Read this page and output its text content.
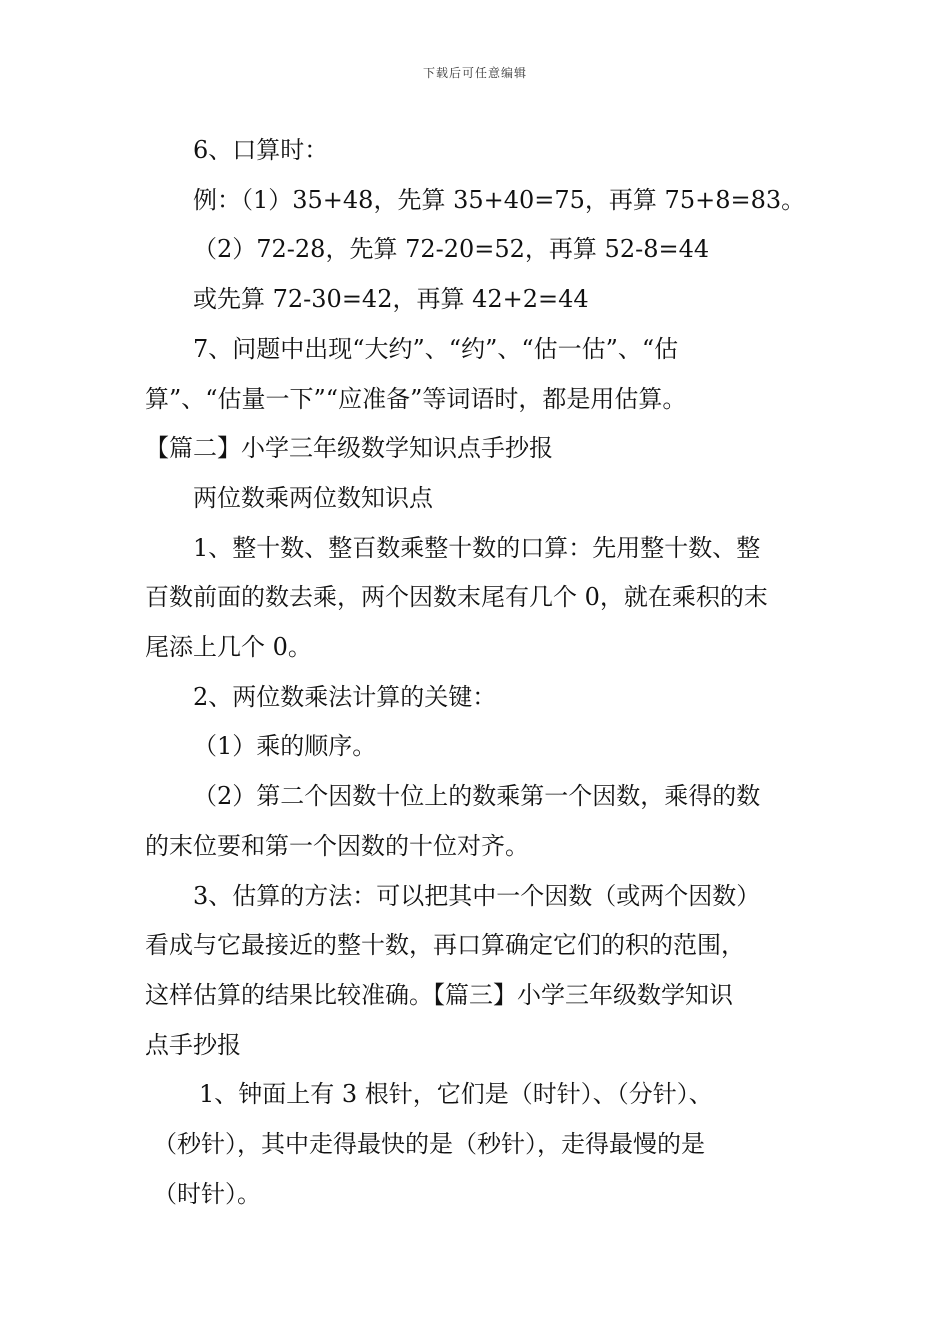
下载后可任意编辑
6、口算时：
例：（1）35+48，先算 35+40=75，再算 75+8=83。
（2）72-28，先算 72-20=52，再算 52-8=44
或先算 72-30=42，再算 42+2=44
7、问题中出现“大约”、“约”、“估一估”、“估
算”、“估量一下”“应准备”等词语时，都是用估算。
【篇二】小学三年级数学知识点手抄报
两位数乘两位数知识点
1、整十数、整百数乘整十数的口算：先用整十数、整
百数前面的数去乘，两个因数末尾有几个 0，就在乘积的末
尾添上几个 0。
2、两位数乘法计算的关键：
（1）乘的顺序。
（2）第二个因数十位上的数乘第一个因数，乘得的数
的末位要和第一个因数的十位对齐。
3、估算的方法：可以把其中一个因数（或两个因数）
看成与它最接近的整十数，再口算确定它们的积的范围，
这样估算的结果比较准确。【篇三】小学三年级数学知识
点手抄报
1、钟面上有 3 根针，它们是（时针）、（分针）、
（秒针），其中走得最快的是（秒针），走得最慢的是
（时针）。
